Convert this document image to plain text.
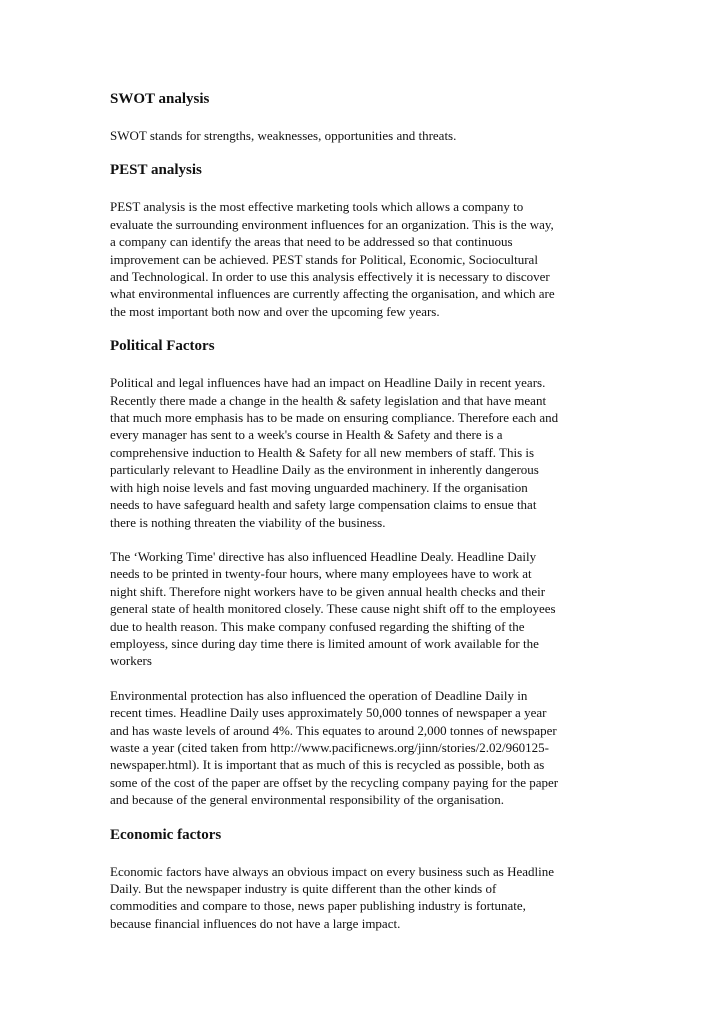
SWOT analysis

SWOT stands for strengths, weaknesses, opportunities and threats.

PEST analysis

PEST analysis is the most effective marketing tools which allows a company to
evaluate the surrounding environment influences for an organization. This is the way,
a company can identify the areas that need to be addressed so that continuous
improvement can be achieved. PEST stands for Political, Economic, Sociocultural
and Technological. In order to use this analysis effectively it is necessary to discover
what environmental influences are currently affecting the organisation, and which are
the most important both now and over the upcoming few years.

Political Factors

Political and legal influences have had an impact on Headline Daily in recent years.
Recently there made a change in the health & safety legislation and that have meant
that much more emphasis has to be made on ensuring compliance. Therefore each and
every manager has sent to a week's course in Health & Safety and there is a
comprehensive induction to Health & Safety for all new members of staff. This is
particularly relevant to Headline Daily as the environment in inherently dangerous
with high noise levels and fast moving unguarded machinery. If the organisation
needs to have safeguard health and safety large compensation claims to ensue that
there is nothing threaten the viability of the business.

The ‘Working Time' directive has also influenced Headline Dealy. Headline Daily
needs to be printed in twenty-four hours, where many employees have to work at
night shift. Therefore night workers have to be given annual health checks and their
general state of health monitored closely. These cause night shift off to the employees
due to health reason. This make company confused regarding the shifting of the
employess, since during day time there is limited amount of work available for the
workers

Environmental protection has also influenced the operation of Deadline Daily in
recent times. Headline Daily uses approximately 50,000 tonnes of newspaper a year
and has waste levels of around 4%. This equates to around 2,000 tonnes of newspaper
waste a year (cited taken from http://www.pacificnews.org/jinn/stories/2.02/960125-
newspaper.html). It is important that as much of this is recycled as possible, both as
some of the cost of the paper are offset by the recycling company paying for the paper
and because of the general environmental responsibility of the organisation.

Economic factors

Economic factors have always an obvious impact on every business such as Headline
Daily. But the newspaper industry is quite different than the other kinds of
commodities and compare to those, news paper publishing industry is fortunate,
because financial influences do not have a large impact.
